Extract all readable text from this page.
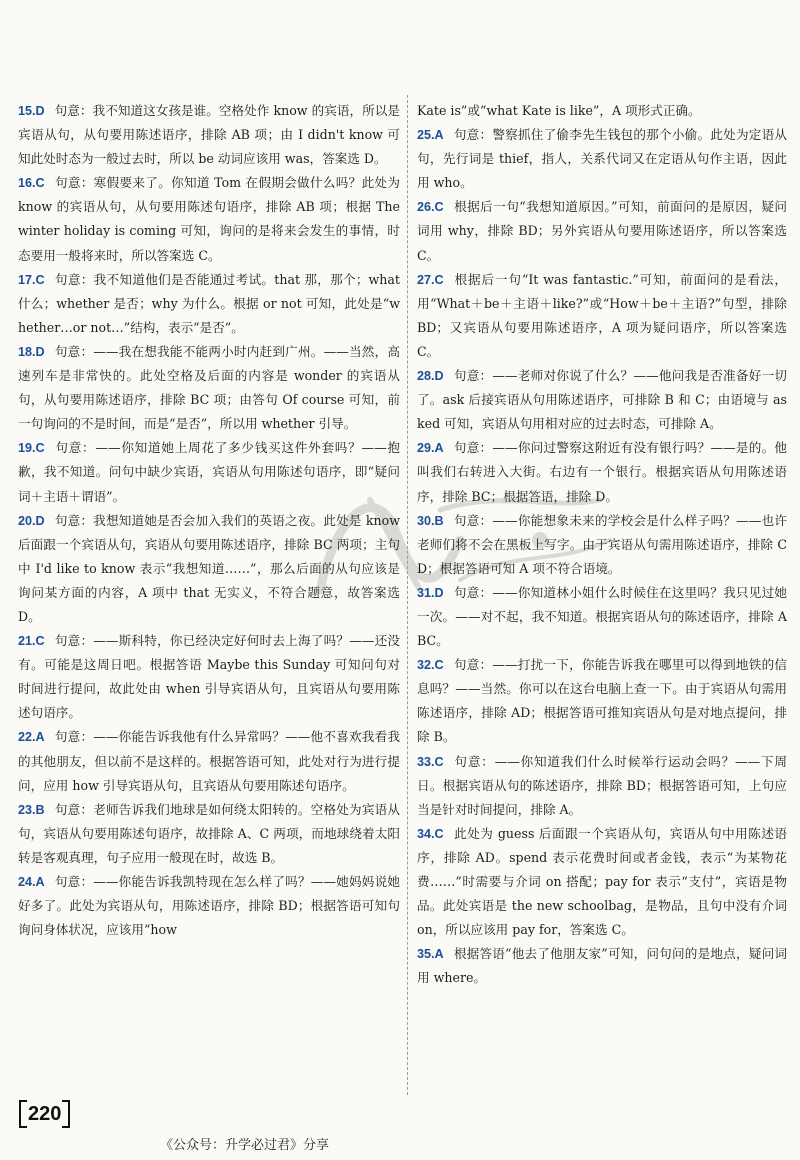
15.D 句意：我不知道这女孩是谁。空格处作 know 的宾语，所以是宾语从句，从句要用陈述语序，排除 AB 项；由 I didn't know 可知此处时态为一般过去时，所以 be 动词应该用 was，答案选 D。

16.C 句意：寒假要来了。你知道 Tom 在假期会做什么吗？此处为 know 的宾语从句，从句要用陈述句语序，排除 AB 项；根据 The winter holiday is coming 可知，询问的是将来会发生的事情，时态要用一般将来时，所以答案选 C。

17.C 句意：我不知道他们是否能通过考试。that 那，那个；what 什么；whether 是否；why 为什么。根据 or not 可知，此处是“whether…or not…”结构，表示“是否”。

18.D 句意：——我在想我能不能两小时内赶到广州。——当然，高速列车是非常快的。此处空格及后面的内容是 wonder 的宾语从句，从句要用陈述语序，排除 BC 项；由答句 Of course 可知，前一句询问的不是时间，而是“是否”，所以用 whether 引导。

19.C 句意：——你知道她上周花了多少钱买这件外套吗？——抱歉，我不知道。问句中缺少宾语，宾语从句用陈述句语序，即“疑问词＋主语＋谓语”。

20.D 句意：我想知道她是否会加入我们的英语之夜。此处是 know 后面跟一个宾语从句，宾语从句要用陈述语序，排除 BC 两项；主句中 I'd like to know 表示“我想知道……”，那么后面的从句应该是询问某方面的内容，A 项中 that 无实义，不符合题意，故答案选 D。

21.C 句意：——斯科特，你已经决定好何时去上海了吗？——还没有。可能是这周日吧。根据答语 Maybe this Sunday 可知问句对时间进行提问，故此处由 when 引导宾语从句，且宾语从句要用陈述句语序。

22.A 句意：——你能告诉我他有什么异常吗？——他不喜欢我看我的其他朋友，但以前不是这样的。根据答语可知，此处对行为进行提问，应用 how 引导宾语从句，且宾语从句要用陈述句语序。

23.B 句意：老师告诉我们地球是如何绕太阳转的。空格处为宾语从句，宾语从句要用陈述句语序，故排除 A、C 两项，而地球绕着太阳转是客观真理，句子应用一般现在时，故选 B。

24.A 句意：——你能告诉我凯特现在怎么样了吗？——她妈妈说她好多了。此处为宾语从句，用陈述语序，排除 BD；根据答语可知句询问身体状况，应该用“how

Kate is”或“what Kate is like”，A 项形式正确。

25.A 句意：警察抓住了偷李先生钱包的那个小偷。此处为定语从句，先行词是 thief，指人，关系代词又在定语从句作主语，因此用 who。

26.C 根据后一句“我想知道原因。”可知，前面问的是原因，疑问词用 why，排除 BD；另外宾语从句要用陈述语序，所以答案选 C。

27.C 根据后一句“It was fantastic.”可知，前面问的是看法，用“What＋be＋主语＋like?”或“How＋be＋主语?”句型，排除 BD；又宾语从句要用陈述语序，A 项为疑问语序，所以答案选 C。

28.D 句意：——老师对你说了什么？——他问我是否准备好一切了。ask 后接宾语从句用陈述语序，可排除 B 和 C；由语境与 asked 可知，宾语从句用相对应的过去时态，可排除 A。

29.A 句意：——你问过警察这附近有没有银行吗？——是的。他叫我们右转进入大街。右边有一个银行。根据宾语从句用陈述语序，排除 BC；根据答语，排除 D。

30.B 句意：——你能想象未来的学校会是什么样子吗？——也许老师们将不会在黑板上写字。由于宾语从句需用陈述语序，排除 CD；根据答语可知 A 项不符合语境。

31.D 句意：——你知道林小姐什么时候住在这里吗？我只见过她一次。——对不起，我不知道。根据宾语从句的陈述语序，排除 ABC。

32.C 句意：——打扰一下，你能告诉我在哪里可以得到地铁的信息吗？——当然。你可以在这台电脑上查一下。由于宾语从句需用陈述语序，排除 AD；根据答语可推知宾语从句是对地点提问，排除 B。

33.C 句意：——你知道我们什么时候举行运动会吗？——下周日。根据宾语从句的陈述语序，排除 BD；根据答语可知，上句应当是针对时间提问，排除 A。

34.C 此处为 guess 后面跟一个宾语从句，宾语从句中用陈述语序，排除 AD。spend 表示花费时间或者金钱，表示“为某物花费……”时需要与介词 on 搭配；pay for 表示“支付”，宾语是物品。此处宾语是 the new schoolbag，是物品，且句中没有介词 on，所以应该用 pay for，答案选 C。

35.A 根据答语“他去了他朋友家”可知，问句问的是地点，疑问词用 where。

220
《公众号：升学必过君》分享
